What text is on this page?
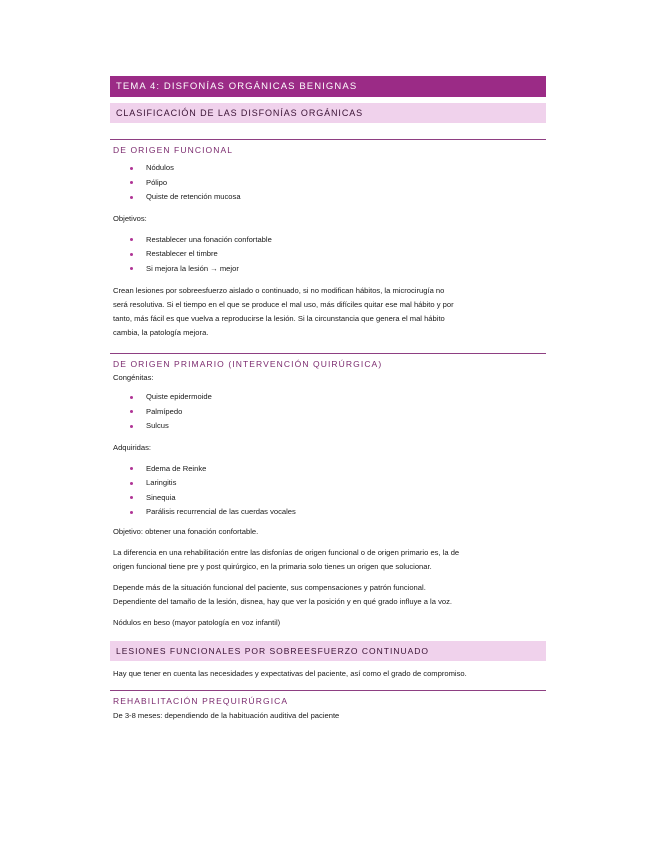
TEMA 4: DISFONÍAS ORGÁNICAS BENIGNAS
CLASIFICACIÓN DE LAS DISFONÍAS ORGÁNICAS
DE ORIGEN FUNCIONAL
Nódulos
Pólipo
Quiste de retención mucosa

Objetivos:

Restablecer una fonación confortable
Restablecer el timbre
Si mejora la lesión → mejor

Crean lesiones por sobreesfuerzo aislado o continuado, si no modifican hábitos, la microcirugía no

será resolutiva. Si el tiempo en el que se produce el mal uso, más difíciles quitar ese mal hábito y por

tanto, más fácil es que vuelva a reproducirse la lesión. Si la circunstancia que genera el mal hábito

cambia, la patología mejora.

DE ORIGEN PRIMARIO (INTERVENCIÓN QUIRÚRGICA)

Congénitas:

Quiste epidermoide
Palmípedo
Sulcus

Adquiridas:

Edema de Reinke
Laringitis
Sinequia
Parálisis recurrencial de las cuerdas vocales

Objetivo: obtener una fonación confortable.

La diferencia en una rehabilitación entre las disfonías de origen funcional o de origen primario es, la de

origen funcional tiene pre y post quirúrgico, en la primaria solo tienes un origen que solucionar.

Depende más de la situación funcional del paciente, sus compensaciones y patrón funcional.

Dependiente del tamaño de la lesión, disnea, hay que ver la posición y en qué grado influye a la voz.

Nódulos en beso (mayor patología en voz infantil)

LESIONES FUNCIONALES POR SOBREESFUERZO CONTINUADO

Hay que tener en cuenta las necesidades y expectativas del paciente, así como el grado de compromiso.

REHABILITACIÓN PREQUIRÚRGICA

De 3-8 meses: dependiendo de la habituación auditiva del paciente
